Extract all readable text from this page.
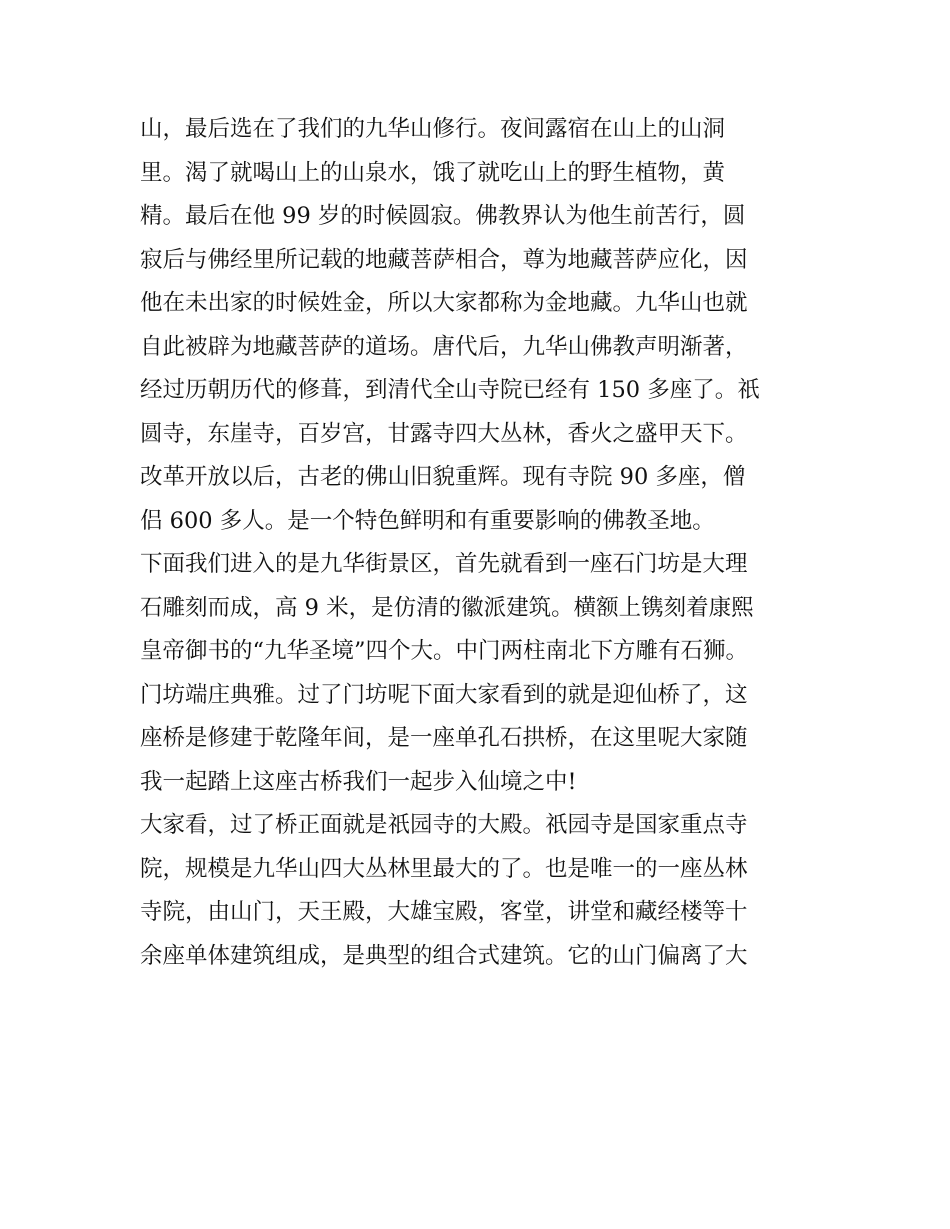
山，最后选在了我们的九华山修行。夜间露宿在山上的山洞
里。渴了就喝山上的山泉水，饿了就吃山上的野生植物，黄
精。最后在他 99 岁的时候圆寂。佛教界认为他生前苦行，圆
寂后与佛经里所记载的地藏菩萨相合，尊为地藏菩萨应化，因
他在未出家的时候姓金，所以大家都称为金地藏。九华山也就
自此被辟为地藏菩萨的道场。唐代后，九华山佛教声明渐著，
经过历朝历代的修葺，到清代全山寺院已经有 150 多座了。祇
圆寺，东崖寺，百岁宫，甘露寺四大丛林，香火之盛甲天下。
改革开放以后，古老的佛山旧貌重辉。现有寺院 90 多座，僧
侣 600 多人。是一个特色鲜明和有重要影响的佛教圣地。
下面我们进入的是九华街景区，首先就看到一座石门坊是大理
石雕刻而成，高 9 米，是仿清的徽派建筑。横额上镌刻着康熙
皇帝御书的“九华圣境”四个大。中门两柱南北下方雕有石狮。
门坊端庄典雅。过了门坊呢下面大家看到的就是迎仙桥了，这
座桥是修建于乾隆年间，是一座单孔石拱桥，在这里呢大家随
我一起踏上这座古桥我们一起步入仙境之中!
大家看，过了桥正面就是祇园寺的大殿。祇园寺是国家重点寺
院，规模是九华山四大丛林里最大的了。也是唯一的一座丛林
寺院，由山门，天王殿，大雄宝殿，客堂，讲堂和藏经楼等十
余座单体建筑组成，是典型的组合式建筑。它的山门偏离了大
